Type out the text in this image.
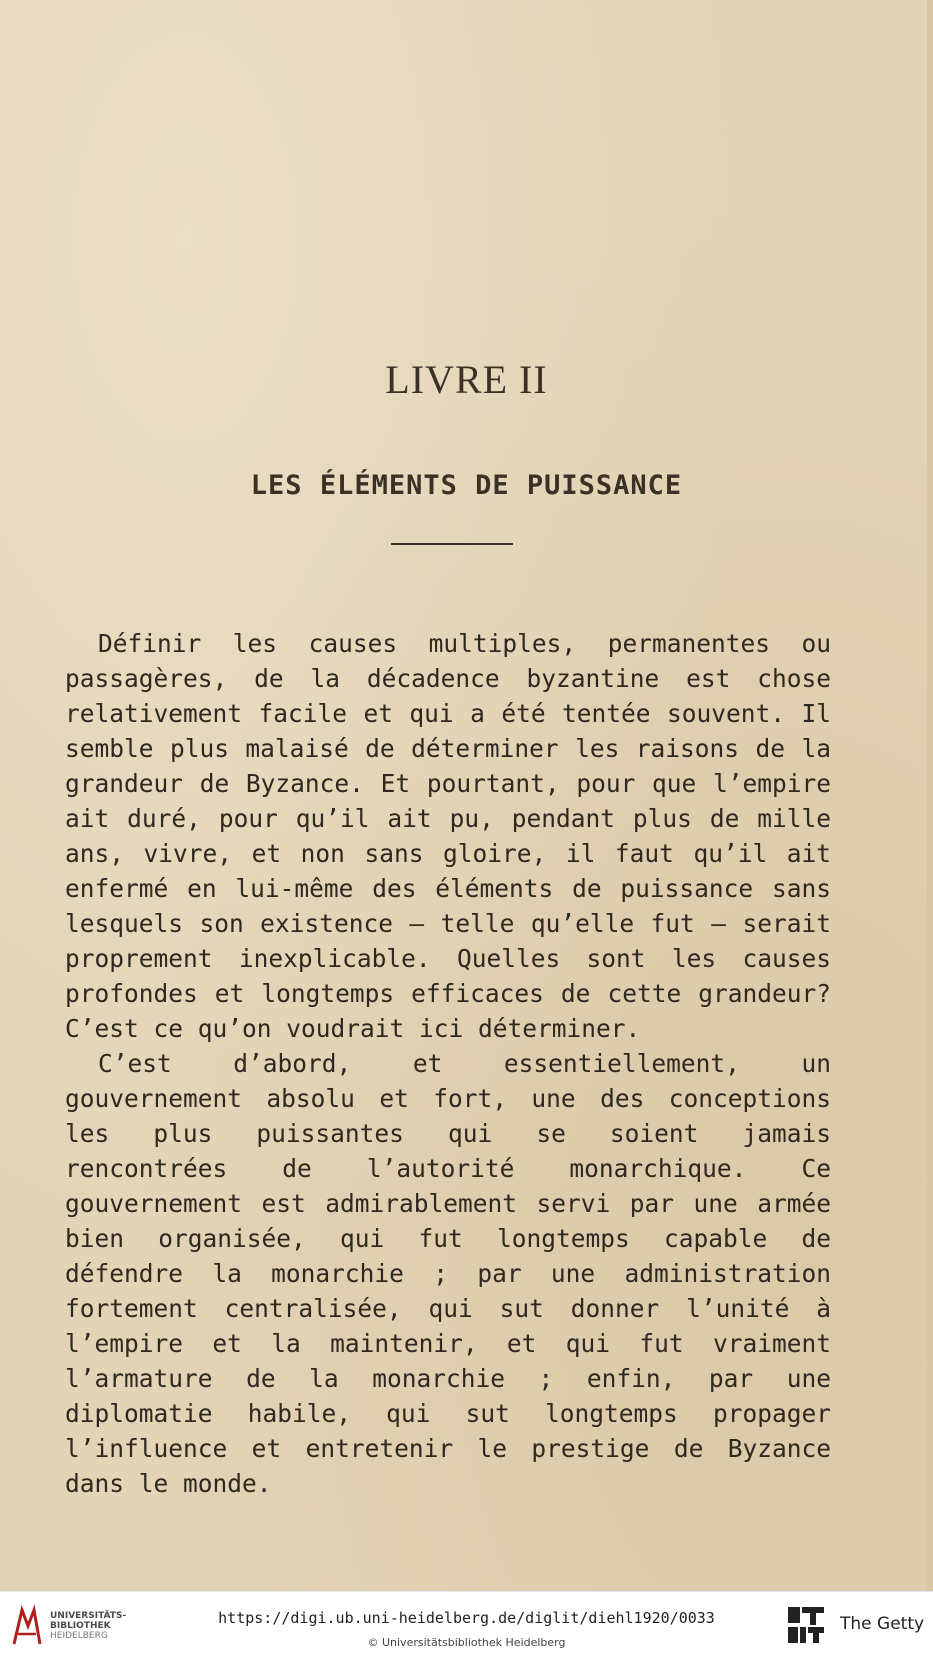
LIVRE II
LES ÉLÉMENTS DE PUISSANCE

Définir les causes multiples, permanentes ou passagères, de la décadence byzantine est chose relativement facile et qui a été tentée souvent. Il semble plus malaisé de déterminer les raisons de la grandeur de Byzance. Et pourtant, pour que l’empire ait duré, pour qu’il ait pu, pendant plus de mille ans, vivre, et non sans gloire, il faut qu’il ait enfermé en lui-même des éléments de puissance sans lesquels son existence — telle qu’elle fut — serait proprement inexplicable. Quelles sont les causes profondes et longtemps efficaces de cette grandeur? C’est ce qu’on voudrait ici déterminer.

C’est d’abord, et essentiellement, un gouvernement absolu et fort, une des conceptions les plus puissantes qui se soient jamais rencontrées de l’autorité monarchique. Ce gouvernement est admirablement servi par une armée bien organisée, qui fut longtemps capable de défendre la monarchie ; par une administration fortement centralisée, qui sut donner l’unité à l’empire et la maintenir, et qui fut vraiment l’armature de la monarchie ; enfin, par une diplomatie habile, qui sut longtemps propager l’influence et entretenir le prestige de Byzance dans le monde.

UNIVERSITÄTS-
BIBLIOTHEK
HEIDELBERG
https://digi.ub.uni-heidelberg.de/diglit/diehl1920/0033
© Universitätsbibliothek Heidelberg
The Getty
